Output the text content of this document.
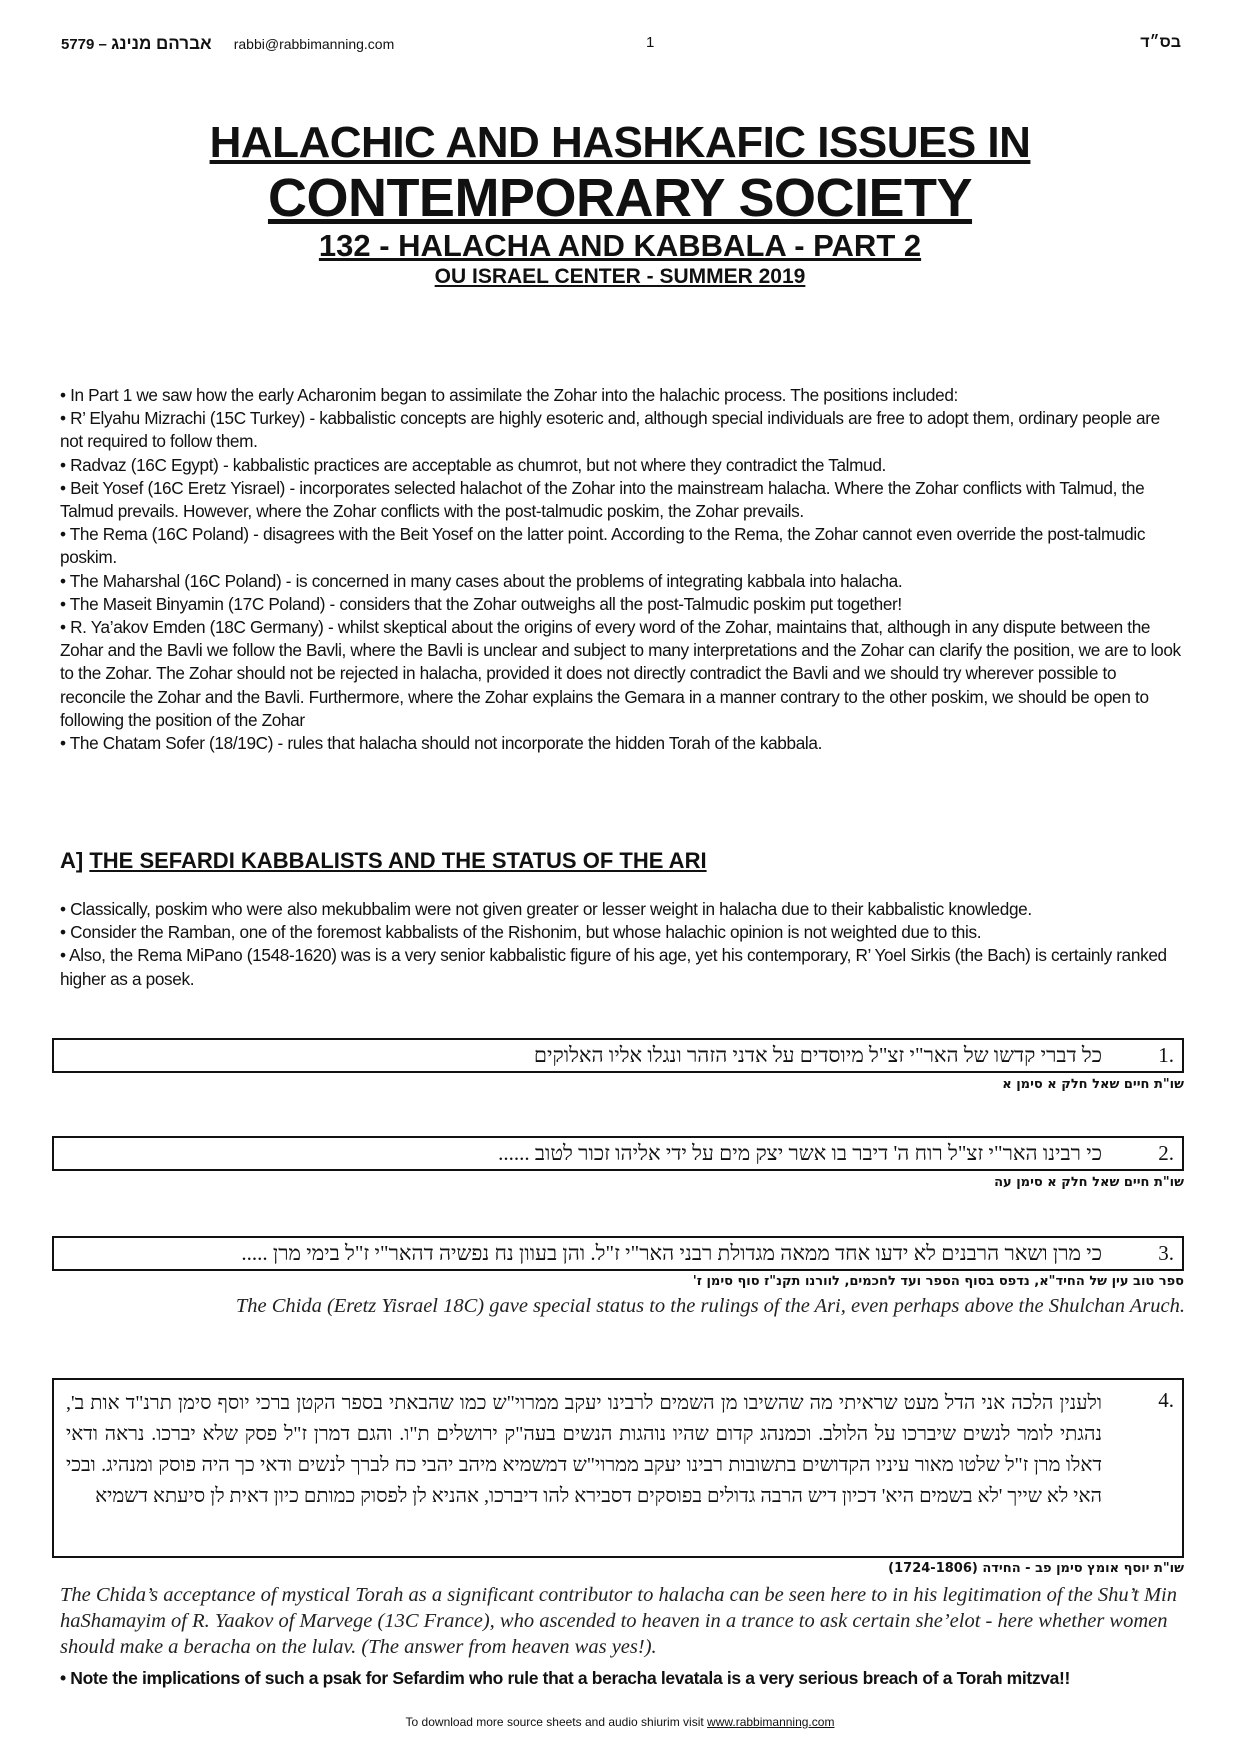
5779 – אברהם מנינג rabbi@rabbimanning.com	1	בס״ד
HALACHIC AND HASHKAFIC ISSUES IN
CONTEMPORARY SOCIETY
132 - HALACHA AND KABBALA - PART 2
OU ISRAEL CENTER - SUMMER 2019

• In Part 1 we saw how the early Acharonim began to assimilate the Zohar into the halachic process. The positions included:

• R’ Elyahu Mizrachi (15C Turkey) - kabbalistic concepts are highly esoteric and, although special individuals are free to adopt them, ordinary people are not required to follow them.

• Radvaz (16C Egypt) - kabbalistic practices are acceptable as chumrot, but not where they contradict the Talmud.

• Beit Yosef (16C Eretz Yisrael) - incorporates selected halachot of the Zohar into the mainstream halacha. Where the Zohar conflicts with Talmud, the Talmud prevails. However, where the Zohar conflicts with the post-talmudic poskim, the Zohar prevails.

• The Rema (16C Poland) - disagrees with the Beit Yosef on the latter point. According to the Rema, the Zohar cannot even override the post-talmudic poskim.

• The Maharshal (16C Poland) - is concerned in many cases about the problems of integrating kabbala into halacha.

• The Maseit Binyamin (17C Poland) - considers that the Zohar outweighs all the post-Talmudic poskim put together!

• R. Ya’akov Emden (18C Germany) - whilst skeptical about the origins of every word of the Zohar, maintains that, although in any dispute between the Zohar and the Bavli we follow the Bavli, where the Bavli is unclear and subject to many interpretations and the Zohar can clarify the position, we are to look to the Zohar. The Zohar should not be rejected in halacha, provided it does not directly contradict the Bavli and we should try wherever possible to reconcile the Zohar and the Bavli. Furthermore, where the Zohar explains the Gemara in a manner contrary to the other poskim, we should be open to following the position of the Zohar

• The Chatam Sofer (18/19C) - rules that halacha should not incorporate the hidden Torah of the kabbala.

A] THE SEFARDI KABBALISTS AND THE STATUS OF THE ARI

• Classically, poskim who were also mekubbalim were not given greater or lesser weight in halacha due to their kabbalistic knowledge.

• Consider the Ramban, one of the foremost kabbalists of the Rishonim, but whose halachic opinion is not weighted due to this.

• Also, the Rema MiPano (1548-1620) was is a very senior kabbalistic figure of his age, yet his contemporary, R’ Yoel Sirkis (the Bach) is certainly ranked higher as a posek.

1.
כל דברי קדשו של האר"י זצ"ל מיוסדים על אדני הזהר ונגלו אליו האלוקים
שו"ת חיים שאל חלק א סימן א
2.
כי רבינו האר"י זצ"ל רוח ה' דיבר בו אשר יצק מים על ידי אליהו זכור לטוב ......
שו"ת חיים שאל חלק א סימן עה
3.
כי מרן ושאר הרבנים לא ידעו אחד ממאה מגדולת רבני האר"י ז"ל. והן בעוון נח נפשיה דהאר"י ז"ל בימי מרן .....
ספר טוב עין של החיד"א, נדפס בסוף הספר ועד לחכמים, לוורנו תקנ"ז סוף סימן ז'
The Chida (Eretz Yisrael 18C) gave special status to the rulings of the Ari, even perhaps above the Shulchan Aruch.
4.
ולענין הלכה אני הדל מעט שראיתי מה שהשיבו מן השמים לרבינו יעקב ממרוי"ש כמו שהבאתי בספר הקטן ברכי יוסף סימן תרנ"ד אות ב', נהגתי לומר לנשים שיברכו על הלולב. וכמנהג קדום שהיו נוהגות הנשים בעה"ק ירושלים ת"ו. והגם דמרן ז"ל פסק שלא יברכו. נראה ודאי דאלו מרן ז"ל שלטו מאור עיניו הקדושים בתשובות רבינו יעקב ממרוי"ש דמשמיא מיהב יהבי כח לברך לנשים ודאי כך היה פוסק ומנהיג. ובכי האי לא שייך 'לא בשמים היא' דכיון דיש הרבה גדולים בפוסקים דסבירא להו דיברכו, אהניא לן לפסוק כמותם כיון דאית לן סיעתא דשמיא
שו"ת יוסף אומץ סימן פב - החידה (1724-1806)
The Chida’s acceptance of mystical Torah as a significant contributor to halacha can be seen here to in his legitimation of the Shu’t Min haShamayim of R. Yaakov of Marvege (13C France), who ascended to heaven in a trance to ask certain she’elot - here whether women should make a beracha on the lulav. (The answer from heaven was yes!).
• Note the implications of such a psak for Sefardim who rule that a beracha levatala is a very serious breach of a Torah mitzva!!
To download more source sheets and audio shiurim visit www.rabbimanning.com
